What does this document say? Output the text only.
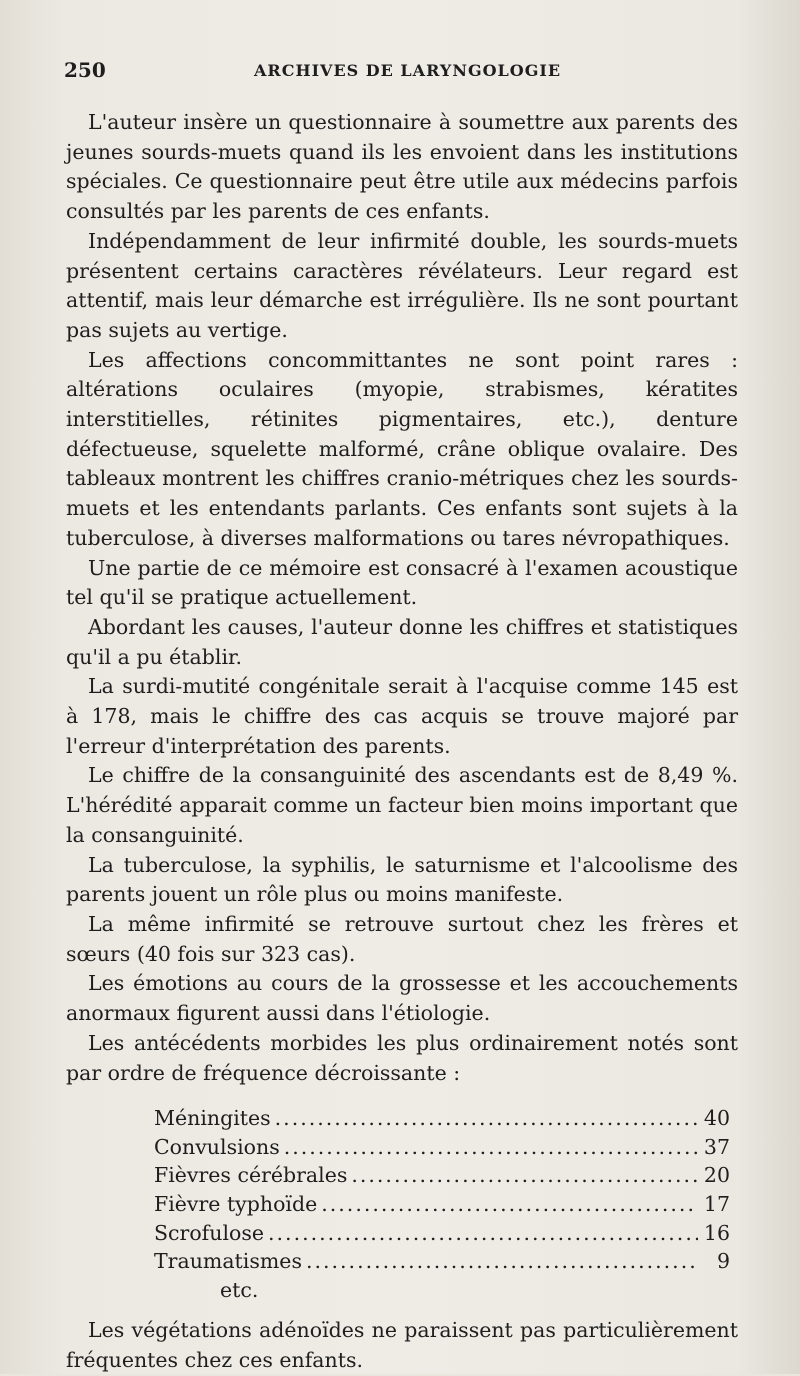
250	ARCHIVES DE LARYNGOLOGIE

L'auteur insère un questionnaire à soumettre aux parents des jeunes sourds-muets quand ils les envoient dans les institutions spéciales. Ce questionnaire peut être utile aux médecins parfois consultés par les parents de ces enfants.

Indépendamment de leur infirmité double, les sourds-muets présentent certains caractères révélateurs. Leur regard est attentif, mais leur démarche est irrégulière. Ils ne sont pourtant pas sujets au vertige.

Les affections concommittantes ne sont point rares : altérations oculaires (myopie, strabismes, kératites interstitielles, rétinites pigmentaires, etc.), denture défectueuse, squelette malformé, crâne oblique ovalaire. Des tableaux montrent les chiffres cranio-métriques chez les sourds-muets et les entendants parlants. Ces enfants sont sujets à la tuberculose, à diverses malformations ou tares névropathiques.

Une partie de ce mémoire est consacré à l'examen acoustique tel qu'il se pratique actuellement.

Abordant les causes, l'auteur donne les chiffres et statistiques qu'il a pu établir.

La surdi-mutité congénitale serait à l'acquise comme 145 est à 178, mais le chiffre des cas acquis se trouve majoré par l'erreur d'interprétation des parents.

Le chiffre de la consanguinité des ascendants est de 8,49 %. L'hérédité apparait comme un facteur bien moins important que la consanguinité.

La tuberculose, la syphilis, le saturnisme et l'alcoolisme des parents jouent un rôle plus ou moins manifeste.

La même infirmité se retrouve surtout chez les frères et sœurs (40 fois sur 323 cas).

Les émotions au cours de la grossesse et les accouchements anormaux figurent aussi dans l'étiologie.

Les antécédents morbides les plus ordinairement notés sont par ordre de fréquence décroissante :

Méningites .....	40
Convulsions .....	37
Fièvres cérébrales .....	20
Fièvre typhoïde .....	17
Scrofulose .....	16
Traumatismes .....	9
etc.

Les végétations adénoïdes ne paraissent pas particulièrement fréquentes chez ces enfants.
